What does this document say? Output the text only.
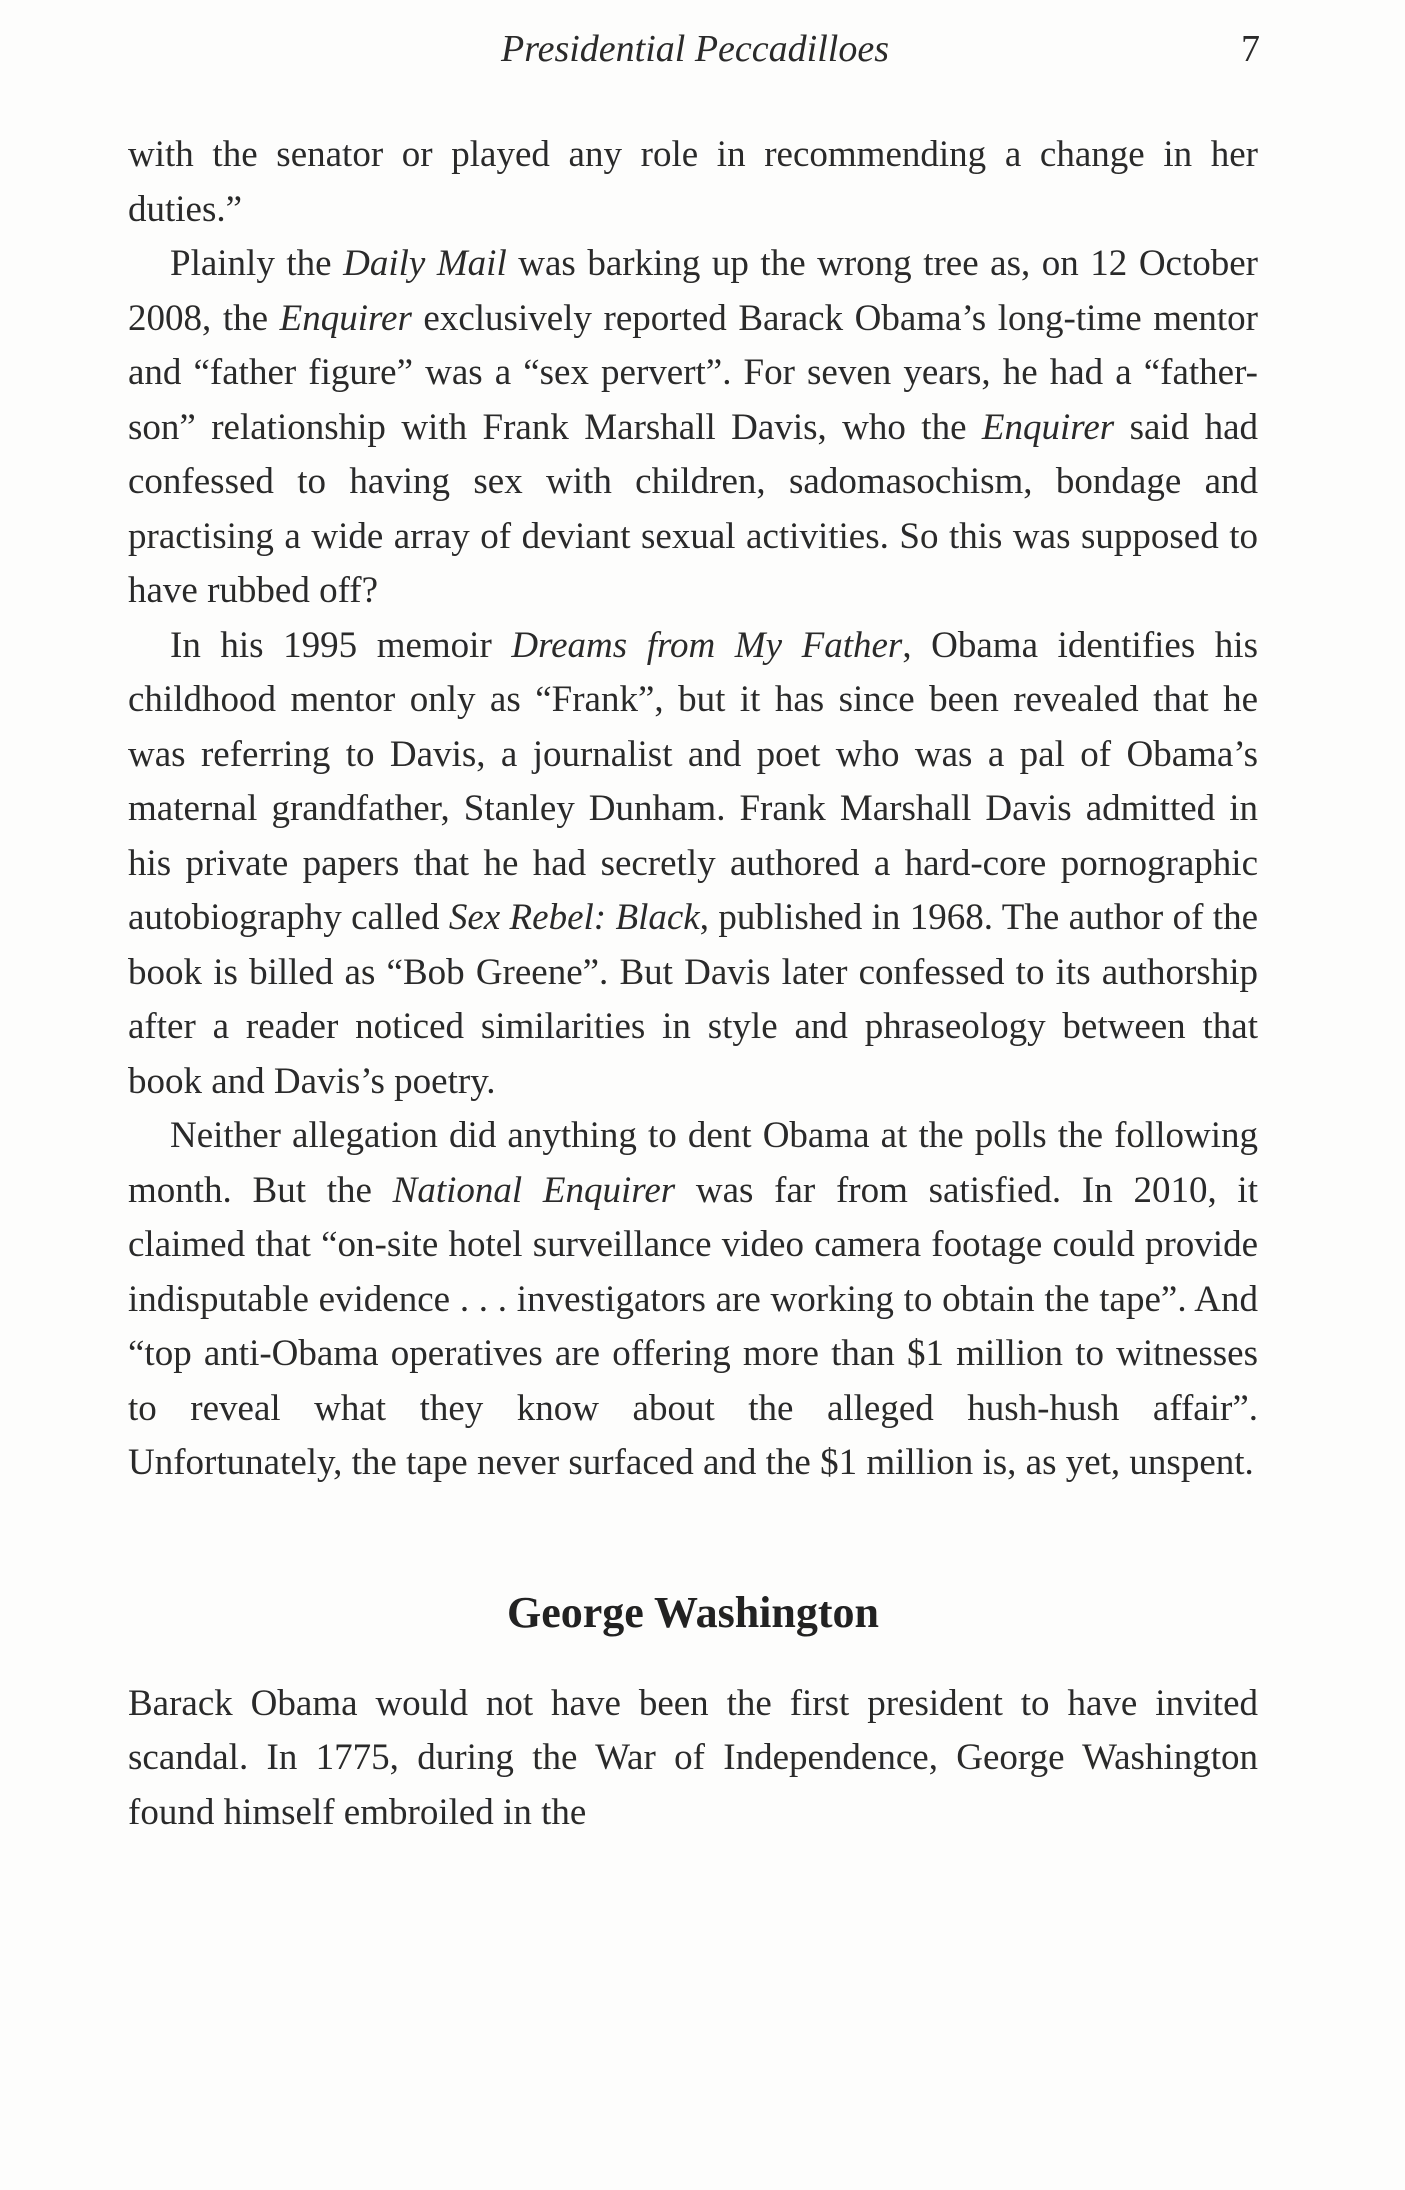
Presidential Peccadilloes	7

with the senator or played any role in recommending a change in her duties.”

Plainly the Daily Mail was barking up the wrong tree as, on 12 October 2008, the Enquirer exclusively reported Barack Obama’s long-time mentor and “father figure” was a “sex pervert”. For seven years, he had a “father-son” relationship with Frank Marshall Davis, who the Enquirer said had confessed to having sex with children, sadomasochism, bondage and practising a wide array of deviant sexual activities. So this was supposed to have rubbed off?

In his 1995 memoir Dreams from My Father, Obama identifies his childhood mentor only as “Frank”, but it has since been revealed that he was referring to Davis, a journalist and poet who was a pal of Obama’s maternal grandfather, Stanley Dunham. Frank Marshall Davis admitted in his private papers that he had secretly authored a hard-core pornographic autobiography called Sex Rebel: Black, published in 1968. The author of the book is billed as “Bob Greene”. But Davis later confessed to its authorship after a reader noticed similarities in style and phraseology between that book and Davis’s poetry.

Neither allegation did anything to dent Obama at the polls the following month. But the National Enquirer was far from satisfied. In 2010, it claimed that “on-site hotel surveillance video camera footage could provide indisputable evidence . . . investigators are working to obtain the tape”. And “top anti-Obama operatives are offering more than $1 million to witnesses to reveal what they know about the alleged hush-hush affair”. Unfortunately, the tape never surfaced and the $1 million is, as yet, unspent.

George Washington

Barack Obama would not have been the first president to have invited scandal. In 1775, during the War of Independence, George Washington found himself embroiled in the
